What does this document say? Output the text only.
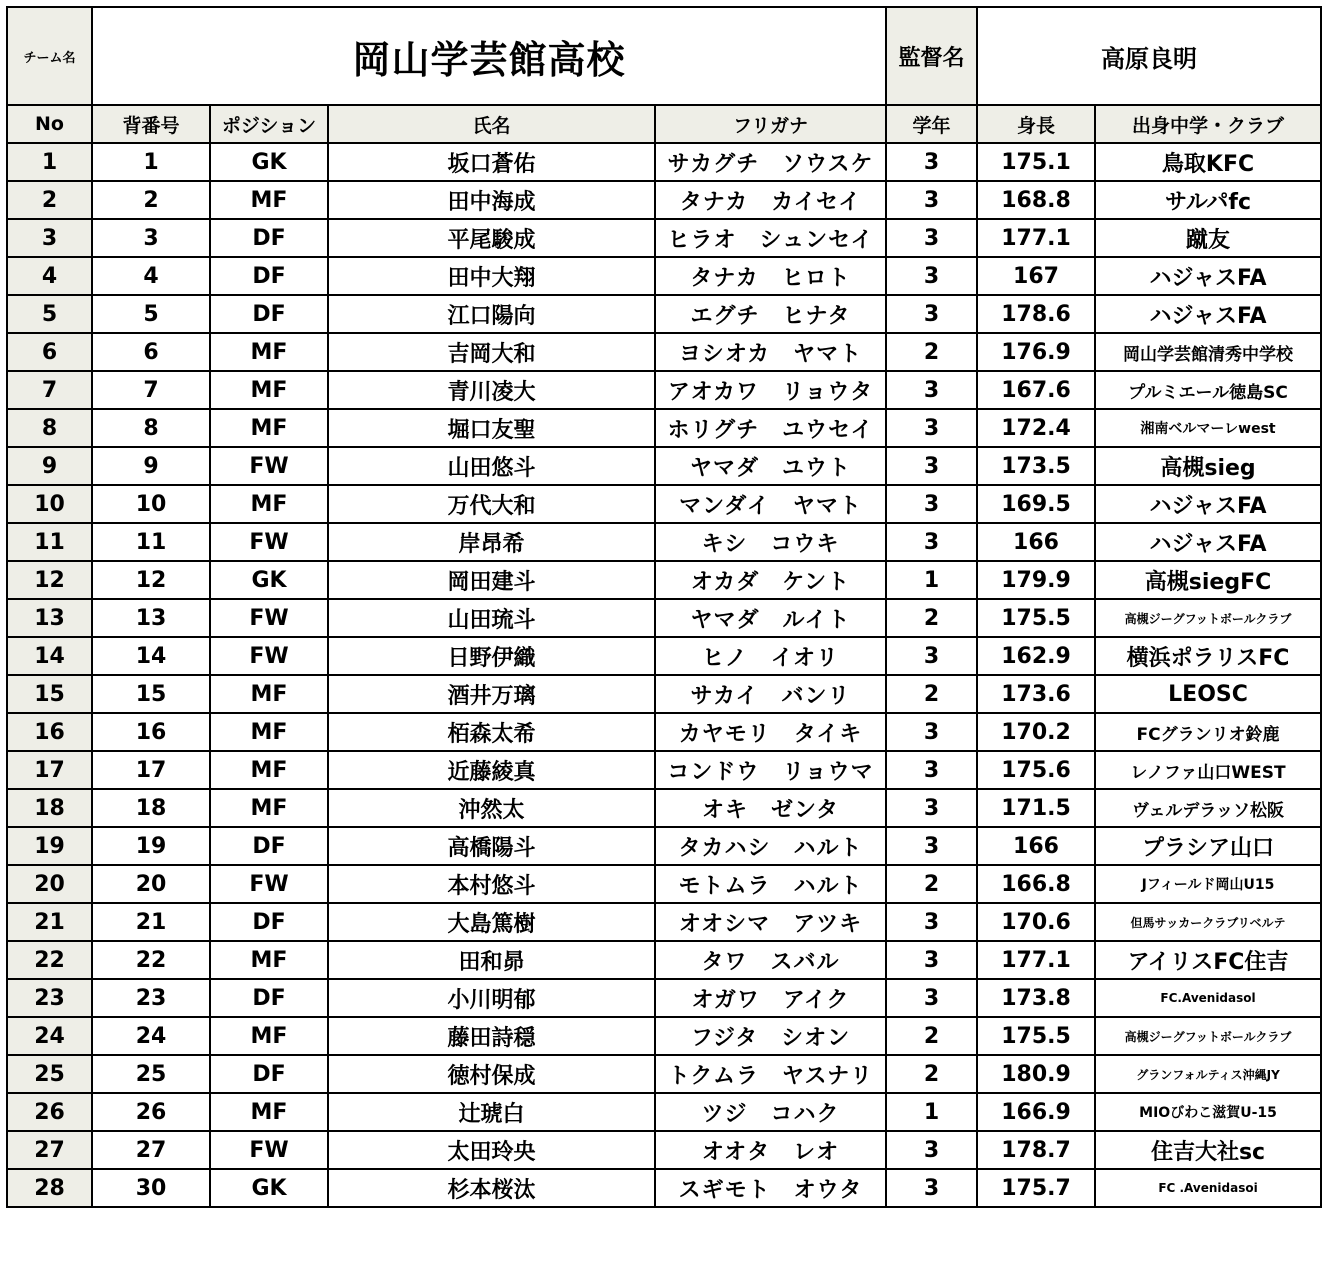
チーム名	岡山学芸館高校				監督名	高原良明	
No	背番号	ポジション	氏名	フリガナ	学年	身長	出身中学・クラブ
1	1	GK	坂口蒼佑	サカグチ　ソウスケ	3	175.1	鳥取KFC
2	2	MF	田中海成	タナカ　カイセイ	3	168.8	サルパfc
3	3	DF	平尾駿成	ヒラオ　シュンセイ	3	177.1	蹴友
4	4	DF	田中大翔	タナカ　ヒロト	3	167	ハジャスFA
5	5	DF	江口陽向	エグチ　ヒナタ	3	178.6	ハジャスFA
6	6	MF	吉岡大和	ヨシオカ　ヤマト	2	176.9	岡山学芸館清秀中学校
7	7	MF	青川凌大	アオカワ　リョウタ	3	167.6	プルミエール徳島SC
8	8	MF	堀口友聖	ホリグチ　ユウセイ	3	172.4	湘南ベルマーレwest
9	9	FW	山田悠斗	ヤマダ　ユウト	3	173.5	高槻sieg
10	10	MF	万代大和	マンダイ　ヤマト	3	169.5	ハジャスFA
11	11	FW	岸昂希	キシ　コウキ	3	166	ハジャスFA
12	12	GK	岡田建斗	オカダ　ケント	1	179.9	高槻siegFC
13	13	FW	山田琉斗	ヤマダ　ルイト	2	175.5	高槻ジーグフットボールクラブ
14	14	FW	日野伊織	ヒノ　イオリ	3	162.9	横浜ポラリスFC
15	15	MF	酒井万璃	サカイ　バンリ	2	173.6	LEOSC
16	16	MF	栢森太希	カヤモリ　タイキ	3	170.2	FCグランリオ鈴鹿
17	17	MF	近藤綾真	コンドウ　リョウマ	3	175.6	レノファ山口WEST
18	18	MF	沖然太	オキ　ゼンタ	3	171.5	ヴェルデラッソ松阪
19	19	DF	高橋陽斗	タカハシ　ハルト	3	166	プラシア山口
20	20	FW	本村悠斗	モトムラ　ハルト	2	166.8	Jフィールド岡山U15
21	21	DF	大島篤樹	オオシマ　アツキ	3	170.6	但馬サッカークラブリベルテ
22	22	MF	田和昴	タワ　スバル	3	177.1	アイリスFC住吉
23	23	DF	小川明郁	オガワ　アイク	3	173.8	FC.Avenidasol
24	24	MF	藤田詩穏	フジタ　シオン	2	175.5	高槻ジーグフットボールクラブ
25	25	DF	徳村保成	トクムラ　ヤスナリ	2	180.9	グランフォルティス沖縄JY
26	26	MF	辻琥白	ツジ　コハク	1	166.9	MIOびわこ滋賀U-15
27	27	FW	太田玲央	オオタ　レオ	3	178.7	住吉大社sc
28	30	GK	杉本桜汰	スギモト　オウタ	3	175.7	FC .Avenidasoi
